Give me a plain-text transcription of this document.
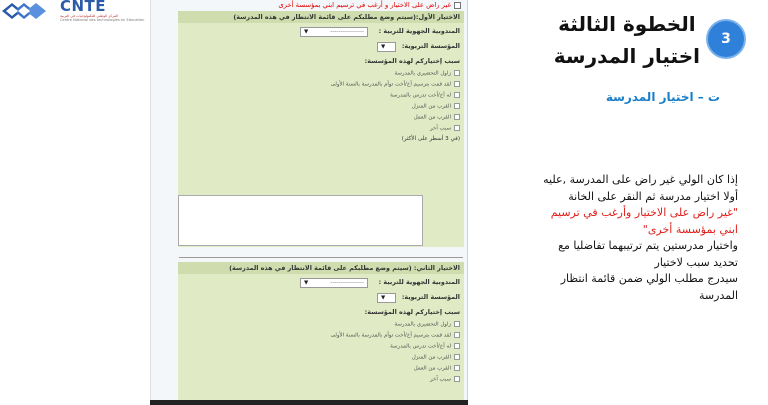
CNTE
المركز الوطني للتكنولوجيات في التربية
Centre National des technologies en Education
غير راض على الاختيار و أرغب في ترسيم ابني بمؤسسة أخرى
الاختيار الأول:(سيتم وضع مطلبكم على قائمة الانتظار في هذه المدرسة)
المندوبية الجهوية للتربية :
▼	-----------------
المؤسسة التربوية:
▼
سبب إختياركم لهذه المؤسسة:
زاول التحضيري بالمدرسة
لقد قمت بترسيم أخ/أخت توأم بالمدرسة بالسنة الأولى
له أخ/أخت تدرس بالمدرسة
القرب من المنزل
القرب من العمل
سبب آخر
(في 3 أسطر على الأكثر)
الاختيار الثاني: (سيتم وضع مطلبكم على قائمة الانتظار في هذه المدرسة)
المندوبية الجهوية للتربية :
▼	-----------------
المؤسسة التربوية:
▼
سبب إختياركم لهذه المؤسسة:
زاول التحضيري بالمدرسة
لقد قمت بترسيم أخ/أخت توأم بالمدرسة بالسنة الأولى
له أخ/أخت تدرس بالمدرسة
القرب من المنزل
القرب من العمل
سبب آخر
3
الخطوة الثالثة
اختيار المدرسة
ت – اختيار المدرسة
إذا كان الولي غير راض على المدرسة ,عليه
أولا اختيار مدرسة ثم النقر على الخانة
"غير راض على الاختيار وأرغب في ترسيم
ابني بمؤسسة أخرى"
واختيار مدرستين يتم ترتيبهما تفاضليا مع
تحديد سبب لاختيار
سيدرج مطلب الولي ضمن قائمة انتظار
المدرسة
